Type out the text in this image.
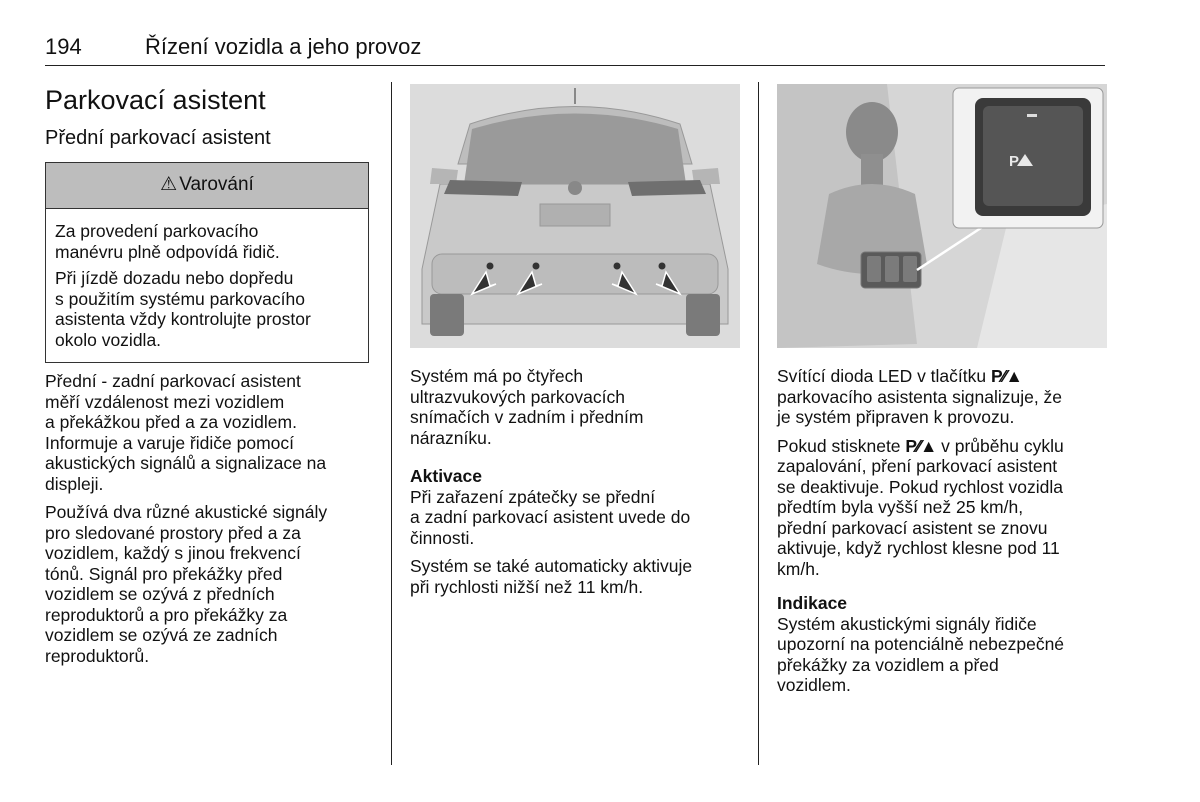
194	Řízení vozidla a jeho provoz
Parkovací asistent
Přední parkovací asistent
⚠ Varování

Za provedení parkovacího
manévru plně odpovídá řidič.

Při jízdě dozadu nebo dopředu
s použitím systému parkovacího
asistenta vždy kontrolujte prostor
okolo vozidla.

Přední - zadní parkovací asistent
měří vzdálenost mezi vozidlem
a překážkou před a za vozidlem.
Informuje a varuje řidiče pomocí
akustických signálů a signalizace na
displeji.

Používá dva různé akustické signály
pro sledované prostory před a za
vozidlem, každý s jinou frekvencí
tónů. Signál pro překážky před
vozidlem se ozývá z předních
reproduktorů a pro překážky za
vozidlem se ozývá ze zadních
reproduktorů.

Systém má po čtyřech
ultrazvukových parkovacích
snímačích v zadním i předním
nárazníku.

Aktivace

Při zařazení zpátečky se přední
a zadní parkovací asistent uvede do
činnosti.

Systém se také automaticky aktivuje
při rychlosti nižší než 11 km/h.

P

Svítící dioda LED v tlačítku P⁄⁄▲
parkovacího asistenta signalizuje, že
je systém připraven k provozu.

Pokud stisknete P⁄⁄▲ v průběhu cyklu
zapalování, pření parkovací asistent
se deaktivuje. Pokud rychlost vozidla
předtím byla vyšší než 25 km/h,
přední parkovací asistent se znovu
aktivuje, když rychlost klesne pod 11
km/h.

Indikace

Systém akustickými signály řidiče
upozorní na potenciálně nebezpečné
překážky za vozidlem a před
vozidlem.
